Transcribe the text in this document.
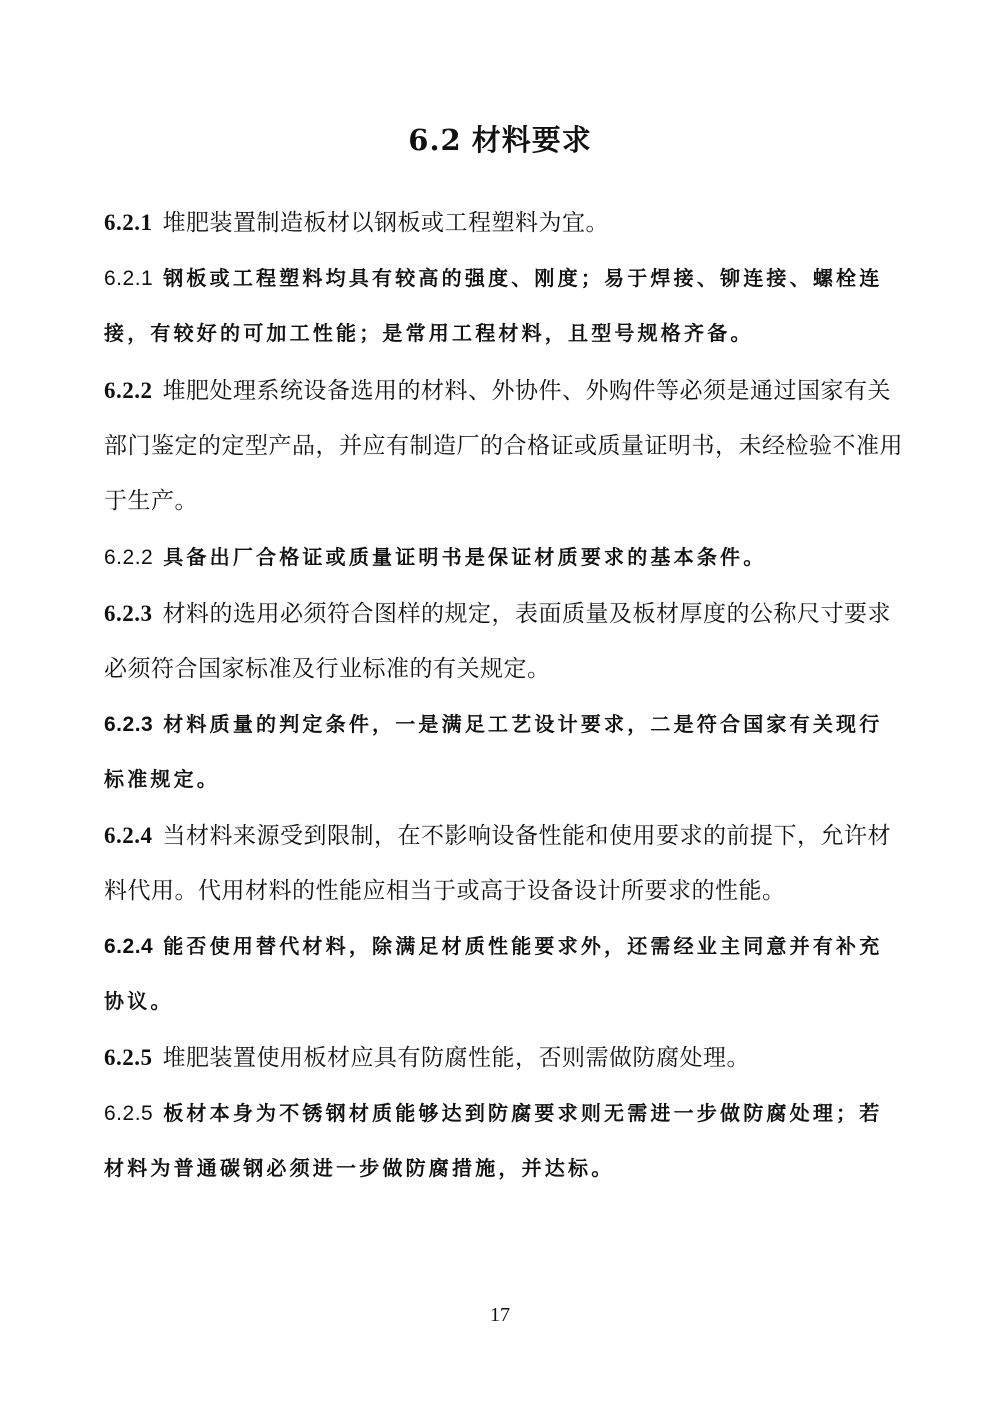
6.2 材料要求

6.2.1 堆肥装置制造板材以钢板或工程塑料为宜。

6.2.1 钢板或工程塑料均具有较高的强度、刚度；易于焊接、铆连接、螺栓连接，有较好的可加工性能；是常用工程材料，且型号规格齐备。

6.2.2 堆肥处理系统设备选用的材料、外协件、外购件等必须是通过国家有关部门鉴定的定型产品，并应有制造厂的合格证或质量证明书，未经检验不准用于生产。

6.2.2 具备出厂合格证或质量证明书是保证材质要求的基本条件。

6.2.3 材料的选用必须符合图样的规定，表面质量及板材厚度的公称尺寸要求必须符合国家标准及行业标准的有关规定。

6.2.3 材料质量的判定条件，一是满足工艺设计要求，二是符合国家有关现行标准规定。

6.2.4 当材料来源受到限制，在不影响设备性能和使用要求的前提下，允许材料代用。代用材料的性能应相当于或高于设备设计所要求的性能。

6.2.4 能否使用替代材料，除满足材质性能要求外，还需经业主同意并有补充协议。

6.2.5 堆肥装置使用板材应具有防腐性能，否则需做防腐处理。

6.2.5 板材本身为不锈钢材质能够达到防腐要求则无需进一步做防腐处理；若材料为普通碳钢必须进一步做防腐措施，并达标。

17
